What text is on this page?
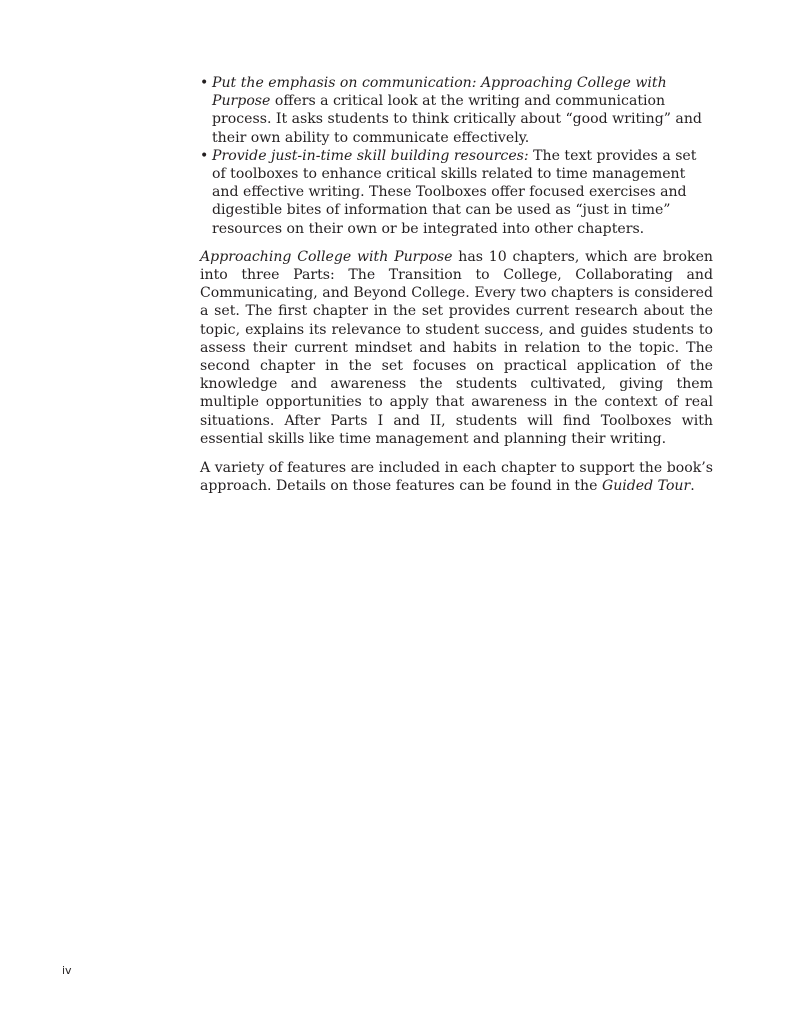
• Put the emphasis on communication: Approaching College with Purpose offers a critical look at the writing and communication process. It asks students to think critically about “good writing” and their own ability to communicate effectively.
• Provide just-in-time skill building resources: The text provides a set of toolboxes to enhance critical skills related to time management and effective writing. These Toolboxes offer focused exercises and digestible bites of information that can be used as “just in time” resources on their own or be integrated into other chapters.

Approaching College with Purpose has 10 chapters, which are broken into three Parts: The Transition to College, Collaborating and Communicating, and Beyond College. Every two chapters is considered a set. The first chapter in the set provides current research about the topic, explains its relevance to student success, and guides students to assess their current mindset and habits in relation to the topic. The second chapter in the set focuses on practical application of the knowledge and awareness the students cultivated, giving them multiple opportunities to apply that awareness in the context of real situations. After Parts I and II, students will find Toolboxes with essential skills like time management and planning their writing.

A variety of features are included in each chapter to support the book’s approach. Details on those features can be found in the Guided Tour.

iv
